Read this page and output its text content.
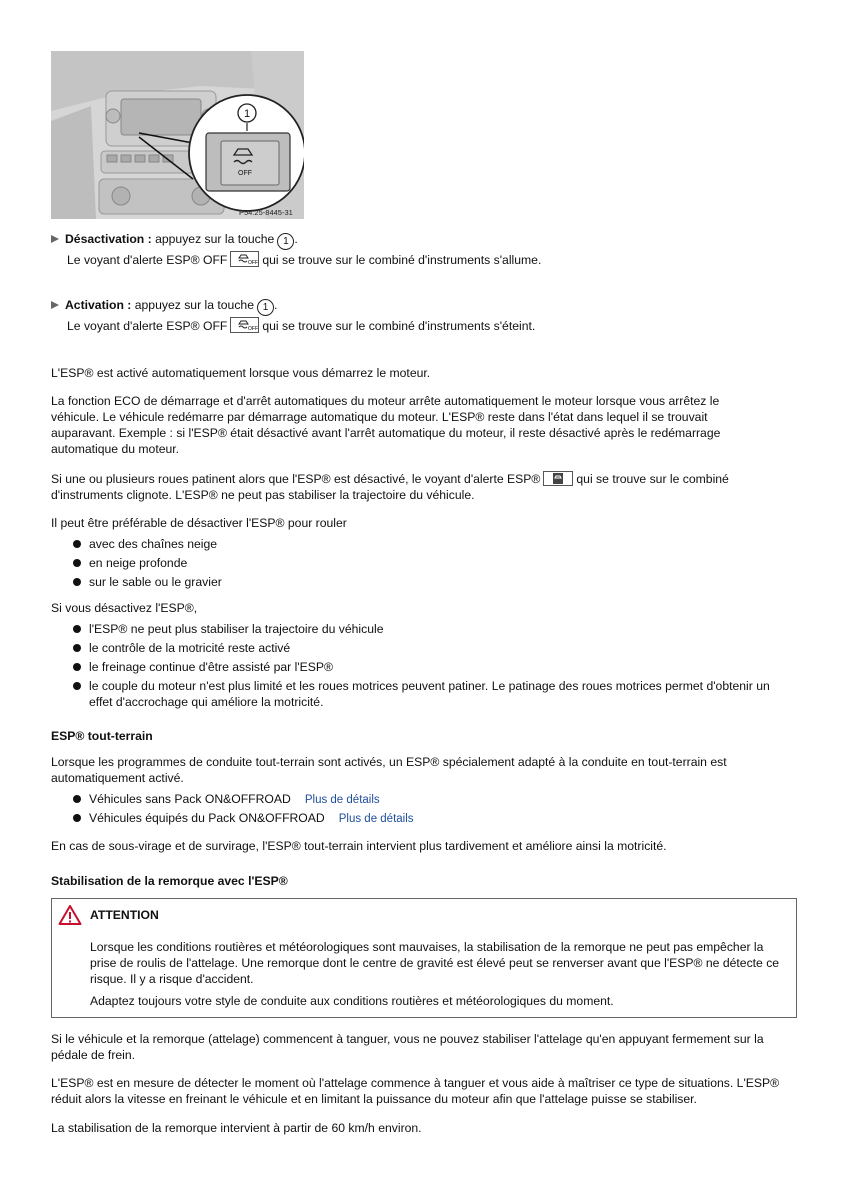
OFF
1
P54.25-8445-31
Désactivation : appuyez sur la touche 1 .
Le voyant d'alerte ESP® OFF	OFF qui se trouve sur le combiné d'instruments s'allume.
Activation : appuyez sur la touche 1 .
Le voyant d'alerte ESP® OFF	OFF qui se trouve sur le combiné d'instruments s'éteint.

L'ESP® est activé automatiquement lorsque vous démarrez le moteur.

La fonction ECO de démarrage et d'arrêt automatiques du moteur arrête automatiquement le moteur lorsque vous arrêtez le véhicule. Le véhicule redémarre par démarrage automatique du moteur. L'ESP® reste dans l'état dans lequel il se trouvait auparavant. Exemple : si l'ESP® était désactivé avant l'arrêt automatique du moteur, il reste désactivé après le redémarrage automatique du moteur.

Si une ou plusieurs roues patinent alors que l'ESP® est désactivé, le voyant d'alerte ESP®	qui se trouve sur le combiné d'instruments clignote. L'ESP® ne peut pas stabiliser la trajectoire du véhicule.

Il peut être préférable de désactiver l'ESP® pour rouler

avec des chaînes neige
en neige profonde
sur le sable ou le gravier

Si vous désactivez l'ESP®,

l'ESP® ne peut plus stabiliser la trajectoire du véhicule
le contrôle de la motricité reste activé
le freinage continue d'être assisté par l'ESP®
le couple du moteur n'est plus limité et les roues motrices peuvent patiner. Le patinage des roues motrices permet d'obtenir un effet d'accrochage qui améliore la motricité.

ESP® tout-terrain

Lorsque les programmes de conduite tout-terrain sont activés, un ESP® spécialement adapté à la conduite en tout-terrain est automatiquement activé.

Véhicules sans Pack ON&OFFROAD Plus de détails
Véhicules équipés du Pack ON&OFFROAD Plus de détails

En cas de sous-virage et de survirage, l'ESP® tout-terrain intervient plus tardivement et améliore ainsi la motricité.

Stabilisation de la remorque avec l'ESP®

ATTENTION
Lorsque les conditions routières et météorologiques sont mauvaises, la stabilisation de la remorque ne peut pas empêcher la prise de roulis de l'attelage. Une remorque dont le centre de gravité est élevé peut se renverser avant que l'ESP® ne détecte ce risque. Il y a risque d'accident.
Adaptez toujours votre style de conduite aux conditions routières et météorologiques du moment.

Si le véhicule et la remorque (attelage) commencent à tanguer, vous ne pouvez stabiliser l'attelage qu'en appuyant fermement sur la pédale de frein.

L'ESP® est en mesure de détecter le moment où l'attelage commence à tanguer et vous aide à maîtriser ce type de situations. L'ESP® réduit alors la vitesse en freinant le véhicule et en limitant la puissance du moteur afin que l'attelage puisse se stabiliser.

La stabilisation de la remorque intervient à partir de 60 km/h environ.
